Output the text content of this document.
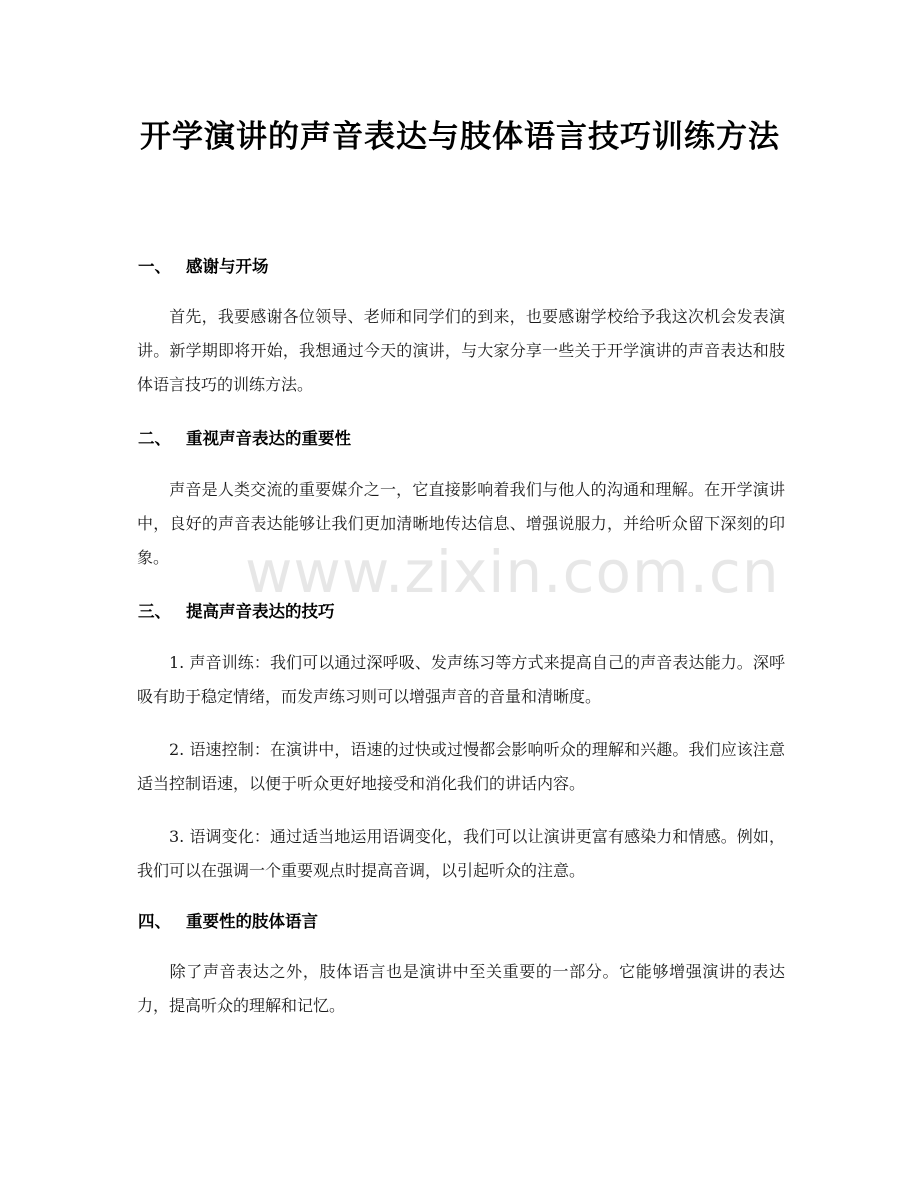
开学演讲的声音表达与肢体语言技巧训练方法
一、 感谢与开场
首先，我要感谢各位领导、老师和同学们的到来，也要感谢学校给予我这次机会发表演讲。新学期即将开始，我想通过今天的演讲，与大家分享一些关于开学演讲的声音表达和肢体语言技巧的训练方法。
二、 重视声音表达的重要性
声音是人类交流的重要媒介之一，它直接影响着我们与他人的沟通和理解。在开学演讲中，良好的声音表达能够让我们更加清晰地传达信息、增强说服力，并给听众留下深刻的印象。
三、 提高声音表达的技巧
1. 声音训练：我们可以通过深呼吸、发声练习等方式来提高自己的声音表达能力。深呼吸有助于稳定情绪，而发声练习则可以增强声音的音量和清晰度。
2. 语速控制：在演讲中，语速的过快或过慢都会影响听众的理解和兴趣。我们应该注意适当控制语速，以便于听众更好地接受和消化我们的讲话内容。
3. 语调变化：通过适当地运用语调变化，我们可以让演讲更富有感染力和情感。例如，我们可以在强调一个重要观点时提高音调，以引起听众的注意。
四、 重要性的肢体语言
除了声音表达之外，肢体语言也是演讲中至关重要的一部分。它能够增强演讲的表达力，提高听众的理解和记忆。
www.zixin.com.cn
